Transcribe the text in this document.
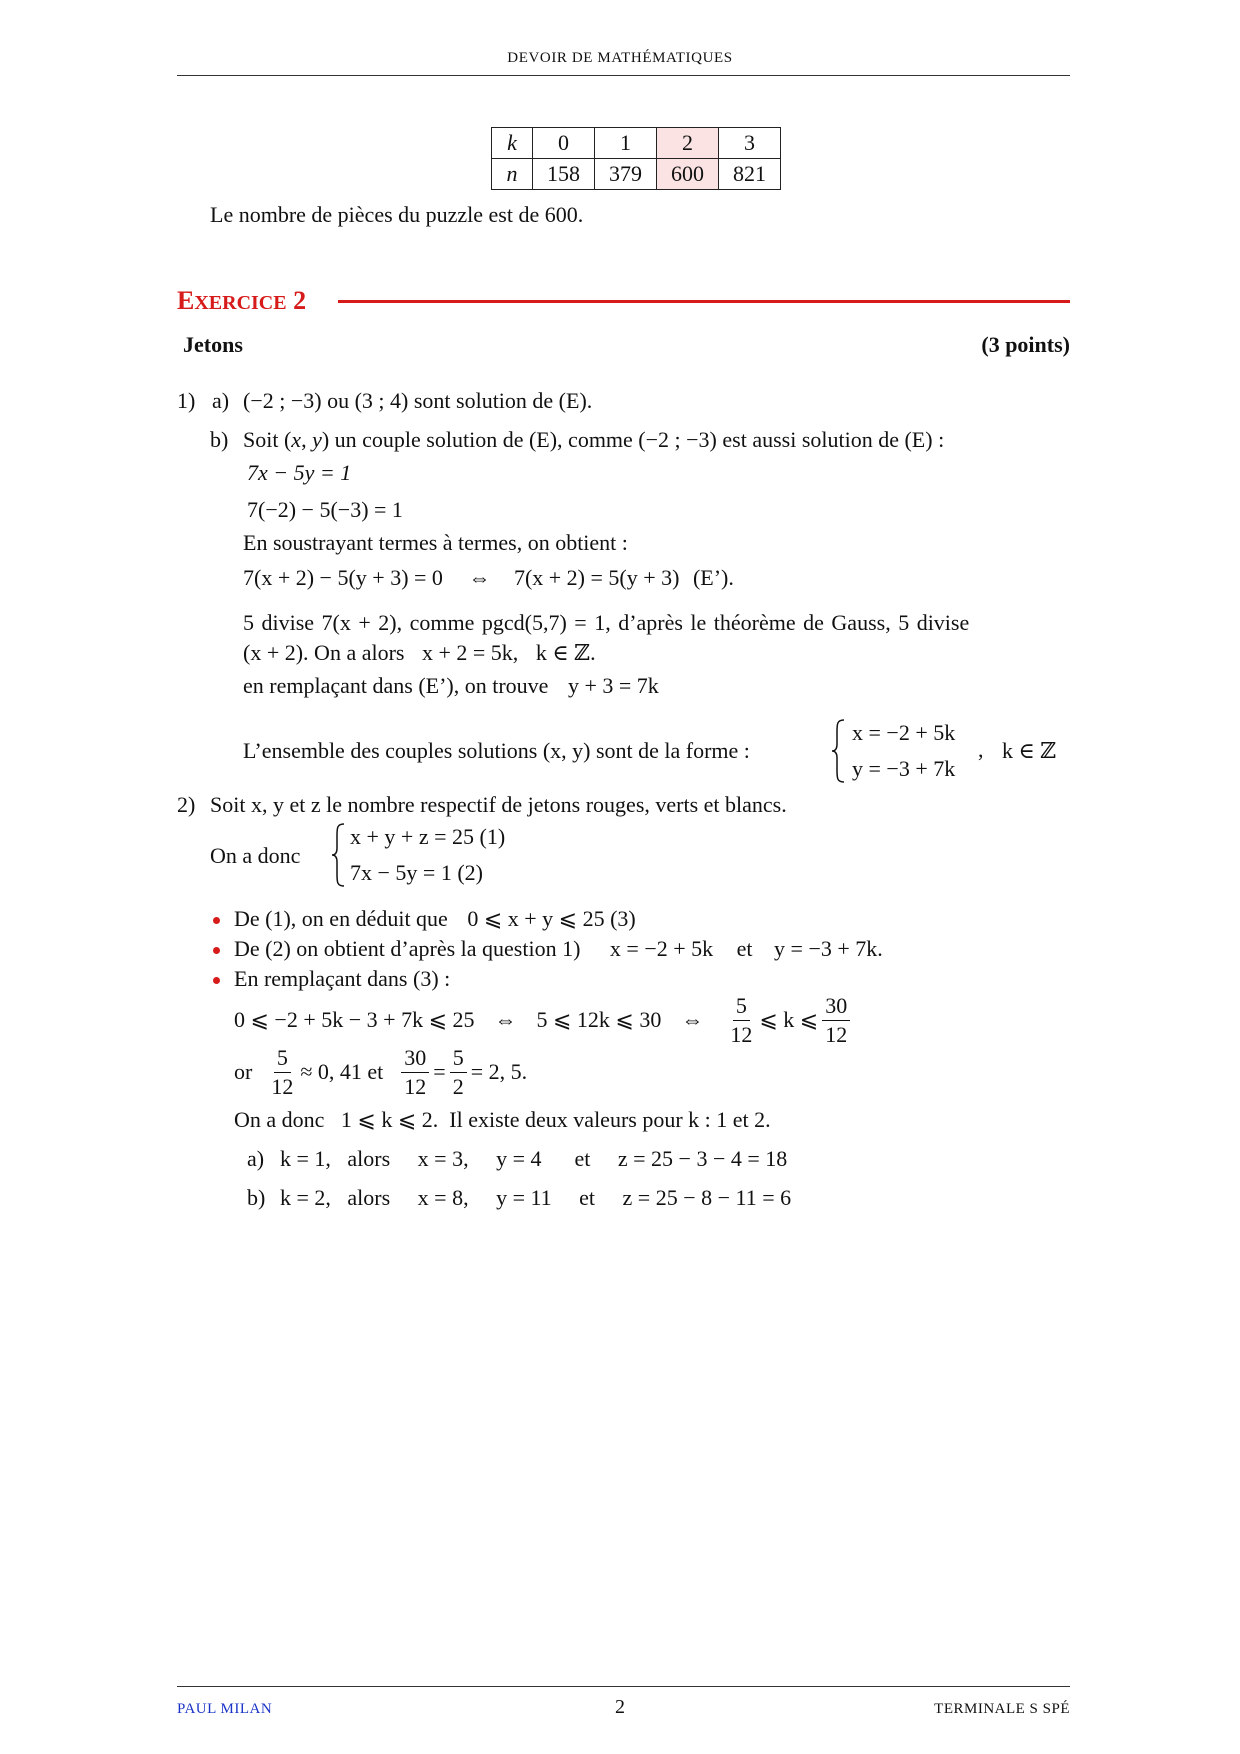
DEVOIR DE MATHÉMATIQUES
k	0	1	2	3
n	158	379	600	821
Le nombre de pièces du puzzle est de 600.
EXERCICE 2
Jetons	(3 points)
1) a) (−2 ; −3) ou (3 ; 4) sont solution de (E).
b) Soit (x, y) un couple solution de (E), comme (−2 ; −3) est aussi solution de (E) :
7x − 5y = 1
7(−2) − 5(−3) = 1
En soustrayant termes à termes, on obtient :
7(x + 2) − 5(y + 3) = 0 ⇔ 7(x + 2) = 5(y + 3) (E’).
5 divise 7(x + 2), comme pgcd(5,7) = 1, d’après le théorème de Gauss, 5 divise
(x + 2). On a alors x + 2 = 5k, k ∈ ℤ.
en remplaçant dans (E’), on trouve y + 3 = 7k
L’ensemble des couples solutions (x, y) sont de la forme :
x = −2 + 5k
y = −3 + 7k
, k ∈ ℤ
2) Soit x, y et z le nombre respectif de jetons rouges, verts et blancs.
On a donc
x + y + z = 25 (1)
7x − 5y = 1 (2)
De (1), on en déduit que 0 ⩽ x + y ⩽ 25 (3)
De (2) on obtient d’après la question 1) x = −2 + 5k et y = −3 + 7k.
En remplaçant dans (3) :
0 ⩽ −2 + 5k − 3 + 7k ⩽ 25 ⇔ 5 ⩽ 12k ⩽ 30 ⇔ $\frac{5}{12}$ ⩽ k ⩽ $\frac{30}{12}$
or $\frac{5}{12} \approx 0$, 41 et $\frac{30}{12} = \frac{5}{2} = 2$, 5.
On a donc   1 ⩽ k ⩽ 2.  Il existe deux valeurs pour k : 1 et 2.
a) k = 1,   alors     x = 3,     y = 4      et     z = 25 − 3 − 4 = 18
b) k = 2,   alors     x = 8,     y = 11     et     z = 25 − 8 − 11 = 6
PAUL MILAN	2	TERMINALE S SPÉ
